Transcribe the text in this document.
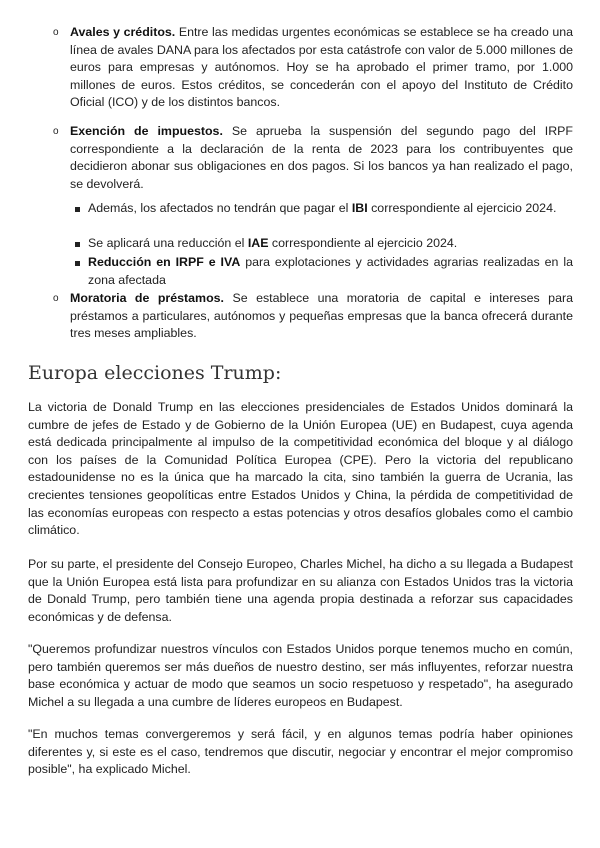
o Avales y créditos. Entre las medidas urgentes económicas se establece se ha creado una línea de avales DANA para los afectados por esta catástrofe con valor de 5.000 millones de euros para empresas y autónomos. Hoy se ha aprobado el primer tramo, por 1.000 millones de euros. Estos créditos, se concederán con el apoyo del Instituto de Crédito Oficial (ICO) y de los distintos bancos.
o Exención de impuestos. Se aprueba la suspensión del segundo pago del IRPF correspondiente a la declaración de la renta de 2023 para los contribuyentes que decidieron abonar sus obligaciones en dos pagos. Si los bancos ya han realizado el pago, se devolverá.
Además, los afectados no tendrán que pagar el IBI correspondiente al ejercicio 2024.
Se aplicará una reducción el IAE correspondiente al ejercicio 2024.
Reducción en IRPF e IVA para explotaciones y actividades agrarias realizadas en la zona afectada
o Moratoria de préstamos. Se establece una moratoria de capital e intereses para préstamos a particulares, autónomos y pequeñas empresas que la banca ofrecerá durante tres meses ampliables.
Europa elecciones Trump:

La victoria de Donald Trump en las elecciones presidenciales de Estados Unidos dominará la cumbre de jefes de Estado y de Gobierno de la Unión Europea (UE) en Budapest, cuya agenda está dedicada principalmente al impulso de la competitividad económica del bloque y al diálogo con los países de la Comunidad Política Europea (CPE). Pero la victoria del republicano estadounidense no es la única que ha marcado la cita, sino también la guerra de Ucrania, las crecientes tensiones geopolíticas entre Estados Unidos y China, la pérdida de competitividad de las economías europeas con respecto a estas potencias y otros desafíos globales como el cambio climático.

Por su parte, el presidente del Consejo Europeo, Charles Michel, ha dicho a su llegada a Budapest que la Unión Europea está lista para profundizar en su alianza con Estados Unidos tras la victoria de Donald Trump, pero también tiene una agenda propia destinada a reforzar sus capacidades económicas y de defensa.

"Queremos profundizar nuestros vínculos con Estados Unidos porque tenemos mucho en común, pero también queremos ser más dueños de nuestro destino, ser más influyentes, reforzar nuestra base económica y actuar de modo que seamos un socio respetuoso y respetado", ha asegurado Michel a su llegada a una cumbre de líderes europeos en Budapest.

"En muchos temas convergeremos y será fácil, y en algunos temas podría haber opiniones diferentes y, si este es el caso, tendremos que discutir, negociar y encontrar el mejor compromiso posible", ha explicado Michel.
